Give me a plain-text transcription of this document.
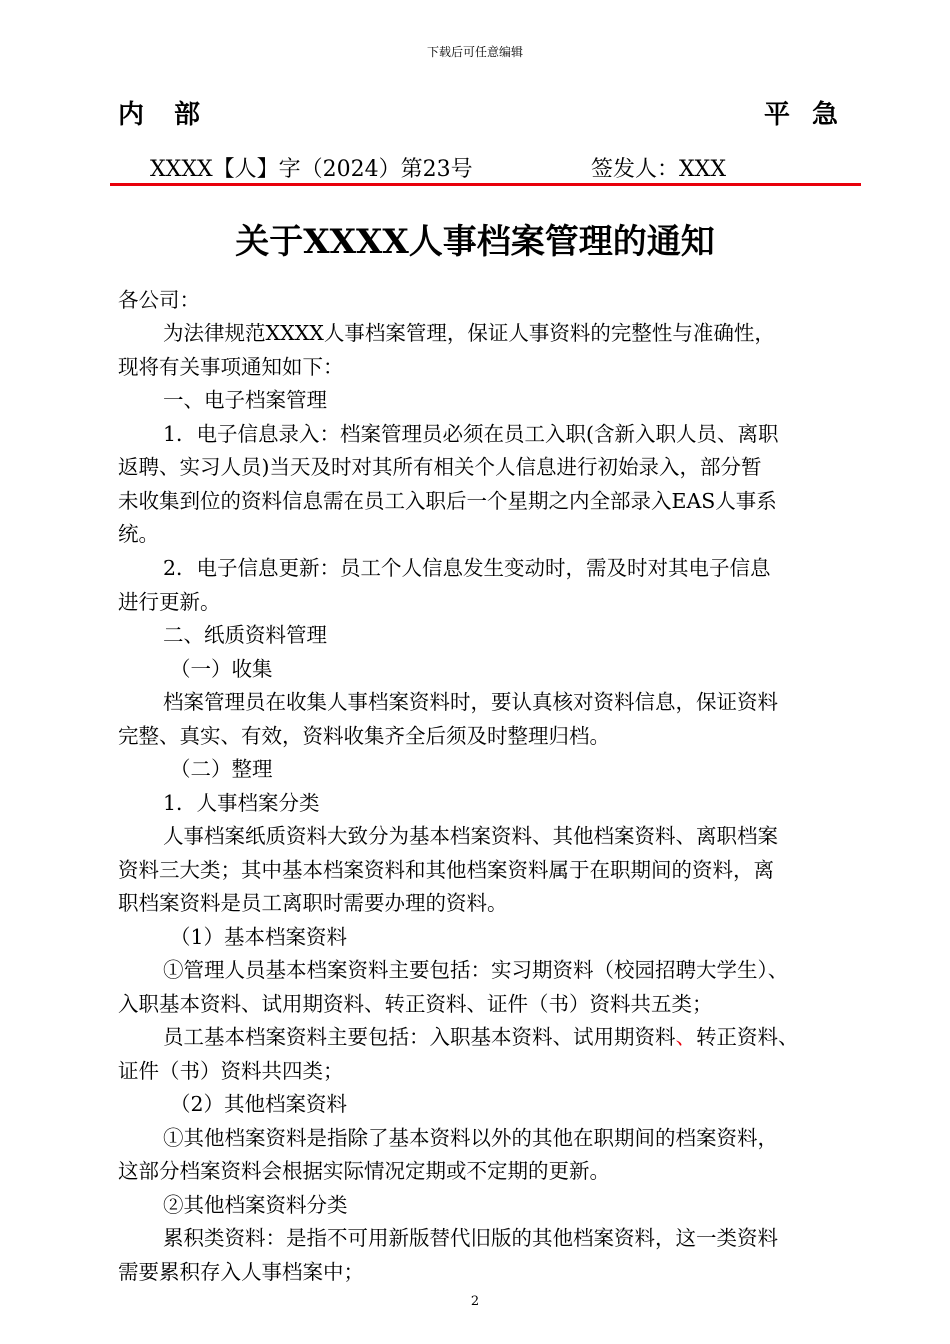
下载后可任意编辑
内部	平急
XXXX【人】字（2024）第23号	签发人：XXX
关于XXXX人事档案管理的通知
各公司：
为法律规范XXXX人事档案管理，保证人事资料的完整性与准确性，
现将有关事项通知如下：
一、电子档案管理
1．电子信息录入：档案管理员必须在员工入职(含新入职人员、离职
返聘、实习人员)当天及时对其所有相关个人信息进行初始录入，部分暂
未收集到位的资料信息需在员工入职后一个星期之内全部录入EAS人事系
统。
2．电子信息更新：员工个人信息发生变动时，需及时对其电子信息
进行更新。
二、纸质资料管理
（一）收集
档案管理员在收集人事档案资料时，要认真核对资料信息，保证资料
完整、真实、有效，资料收集齐全后须及时整理归档。
（二）整理
1．人事档案分类
人事档案纸质资料大致分为基本档案资料、其他档案资料、离职档案
资料三大类；其中基本档案资料和其他档案资料属于在职期间的资料，离
职档案资料是员工离职时需要办理的资料。
（1）基本档案资料
①管理人员基本档案资料主要包括：实习期资料（校园招聘大学生）、
入职基本资料、试用期资料、转正资料、证件（书）资料共五类；
员工基本档案资料主要包括：入职基本资料、试用期资料、转正资料、
证件（书）资料共四类；
（2）其他档案资料
①其他档案资料是指除了基本资料以外的其他在职期间的档案资料，
这部分档案资料会根据实际情况定期或不定期的更新。
②其他档案资料分类
累积类资料：是指不可用新版替代旧版的其他档案资料，这一类资料
需要累积存入人事档案中；
2
